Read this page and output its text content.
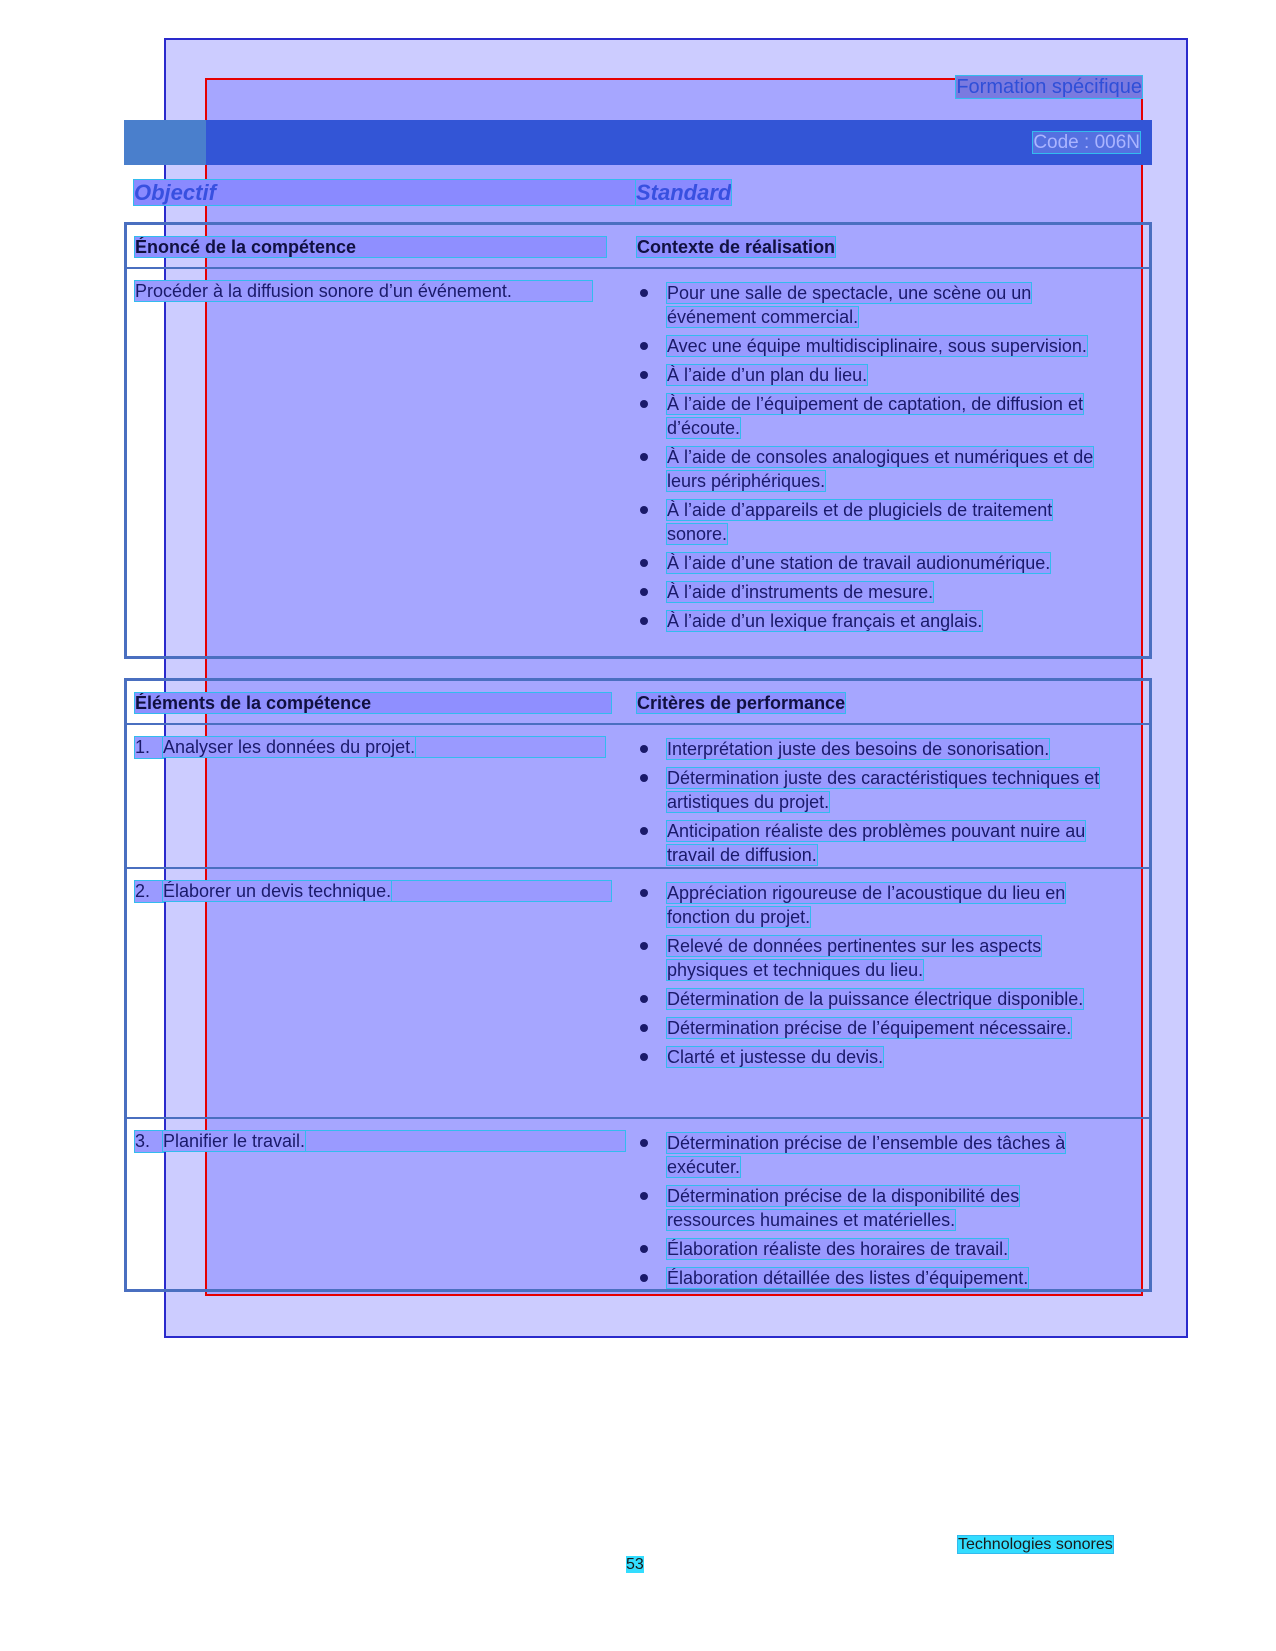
Formation spécifique
Code : 006N
Objectif	Standard
Énoncé de la compétence	Contexte de réalisation
Procéder à la diffusion sonore d’un événement.	Pour une salle de spectacle, une scène ou un événement commercial.
Avec une équipe multidisciplinaire, sous supervision.
À l’aide d’un plan du lieu.
À l’aide de l’équipement de captation, de diffusion et d’écoute.
À l’aide de consoles analogiques et numériques et de leurs périphériques.
À l’aide d’appareils et de plugiciels de traitement sonore.
À l’aide d’une station de travail audionumérique.
À l’aide d’instruments de mesure.
À l’aide d’un lexique français et anglais.
Éléments de la compétence	Critères de performance
1. Analyser les données du projet.	Interprétation juste des besoins de sonorisation.
Détermination juste des caractéristiques techniques et artistiques du projet.
Anticipation réaliste des problèmes pouvant nuire au travail de diffusion.
2. Élaborer un devis technique.	Appréciation rigoureuse de l’acoustique du lieu en fonction du projet.
Relevé de données pertinentes sur les aspects physiques et techniques du lieu.
Détermination de la puissance électrique disponible.
Détermination précise de l’équipement nécessaire.
Clarté et justesse du devis.
3. Planifier le travail.	Détermination précise de l’ensemble des tâches à exécuter.
Détermination précise de la disponibilité des ressources humaines et matérielles.
Élaboration réaliste des horaires de travail.
Élaboration détaillée des listes d’équipement.
Technologies sonores
53
